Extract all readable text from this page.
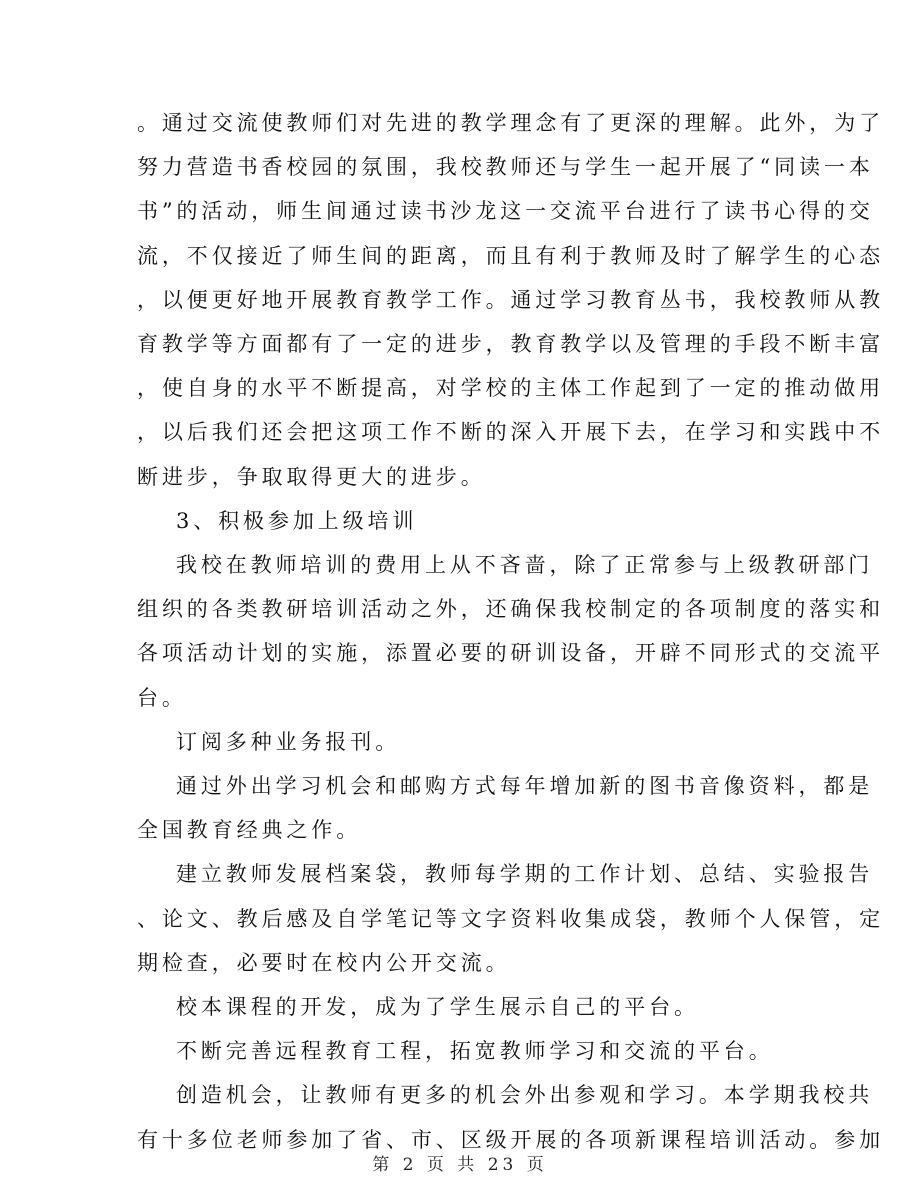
。通过交流使教师们对先进的教学理念有了更深的理解。此外，为了
努力营造书香校园的氛围，我校教师还与学生一起开展了“同读一本
书”的活动，师生间通过读书沙龙这一交流平台进行了读书心得的交
流，不仅接近了师生间的距离，而且有利于教师及时了解学生的心态
，以便更好地开展教育教学工作。通过学习教育丛书，我校教师从教
育教学等方面都有了一定的进步，教育教学以及管理的手段不断丰富
，使自身的水平不断提高，对学校的主体工作起到了一定的推动做用
，以后我们还会把这项工作不断的深入开展下去，在学习和实践中不
断进步，争取取得更大的进步。
3、积极参加上级培训
我校在教师培训的费用上从不吝啬，除了正常参与上级教研部门
组织的各类教研培训活动之外，还确保我校制定的各项制度的落实和
各项活动计划的实施，添置必要的研训设备，开辟不同形式的交流平
台。
订阅多种业务报刊。
通过外出学习机会和邮购方式每年增加新的图书音像资料，都是
全国教育经典之作。
建立教师发展档案袋，教师每学期的工作计划、总结、实验报告
、论文、教后感及自学笔记等文字资料收集成袋，教师个人保管，定
期检查，必要时在校内公开交流。
校本课程的开发，成为了学生展示自己的平台。
不断完善远程教育工程，拓宽教师学习和交流的平台。
创造机会，让教师有更多的机会外出参观和学习。本学期我校共
有十多位老师参加了省、市、区级开展的各项新课程培训活动。参加
第 2 页 共 23 页
